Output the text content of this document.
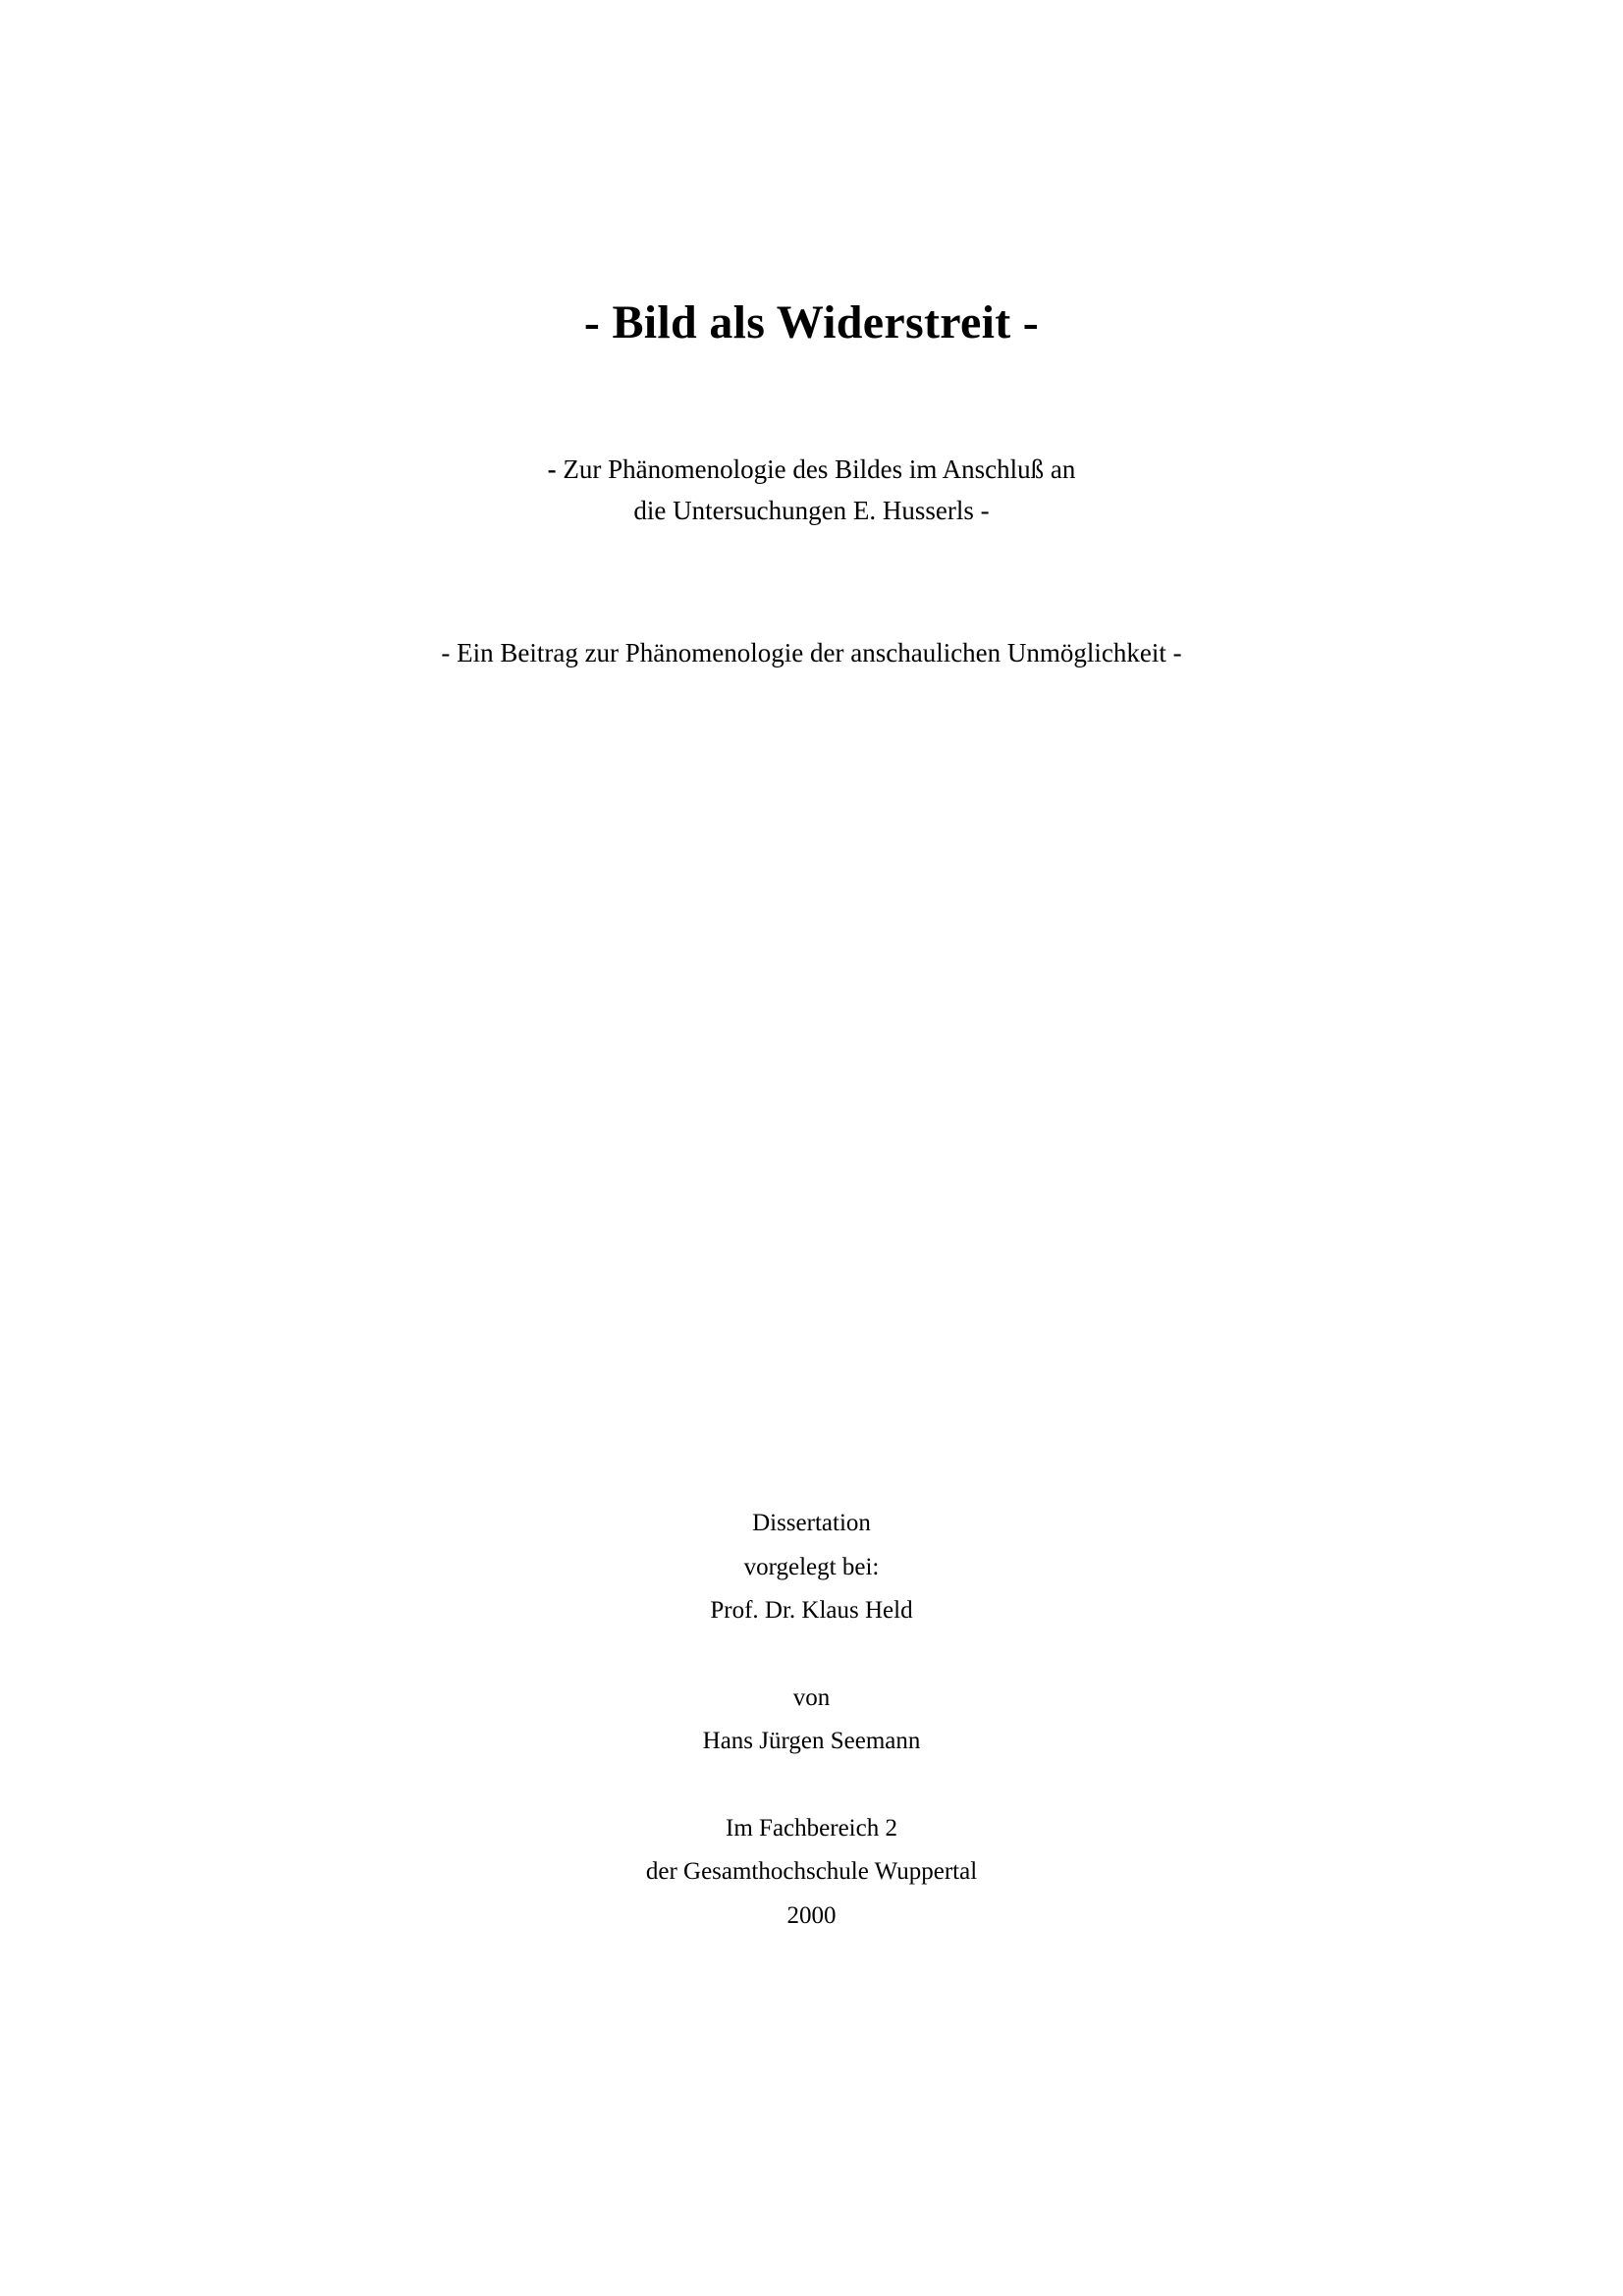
- Bild als Widerstreit -

- Zur Phänomenologie des Bildes im Anschluß an

die Untersuchungen E. Husserls -

- Ein Beitrag zur Phänomenologie der anschaulichen Unmöglichkeit -

Dissertation

vorgelegt bei:

Prof. Dr. Klaus Held

von

Hans Jürgen Seemann

Im Fachbereich 2

der Gesamthochschule Wuppertal

2000
